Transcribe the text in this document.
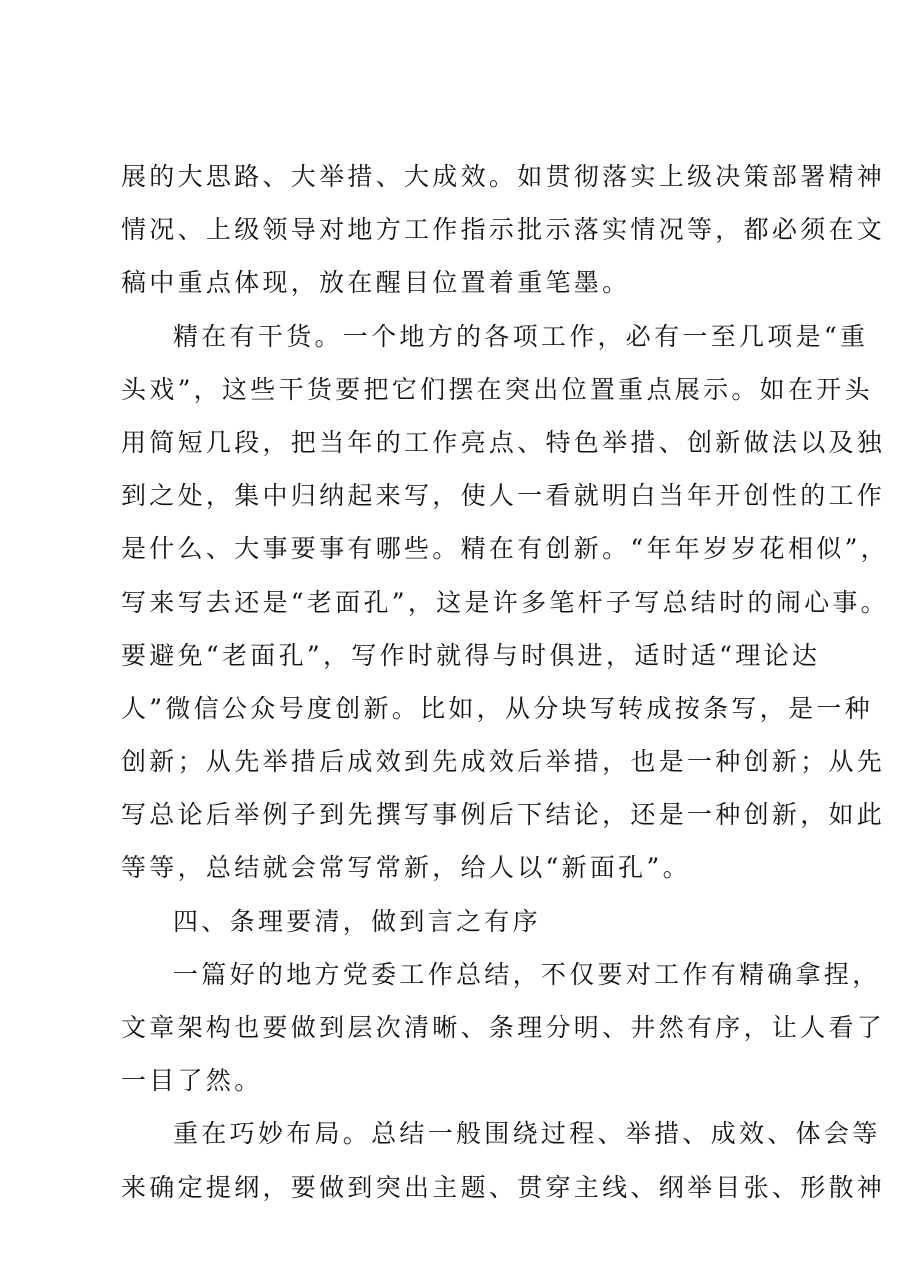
展的大思路、大举措、大成效。如贯彻落实上级决策部署精神
情况、上级领导对地方工作指示批示落实情况等，都必须在文
稿中重点体现，放在醒目位置着重笔墨。
精在有干货。一个地方的各项工作，必有一至几项是“重
头戏”，这些干货要把它们摆在突出位置重点展示。如在开头
用简短几段，把当年的工作亮点、特色举措、创新做法以及独
到之处，集中归纳起来写，使人一看就明白当年开创性的工作
是什么、大事要事有哪些。精在有创新。“年年岁岁花相似”，
写来写去还是“老面孔”，这是许多笔杆子写总结时的闹心事。
要避免“老面孔”，写作时就得与时俱进，适时适“理论达
人”微信公众号度创新。比如，从分块写转成按条写，是一种
创新；从先举措后成效到先成效后举措，也是一种创新；从先
写总论后举例子到先撰写事例后下结论，还是一种创新，如此
等等，总结就会常写常新，给人以“新面孔”。
四、条理要清，做到言之有序
一篇好的地方党委工作总结，不仅要对工作有精确拿捏，
文章架构也要做到层次清晰、条理分明、井然有序，让人看了
一目了然。
重在巧妙布局。总结一般围绕过程、举措、成效、体会等
来确定提纲，要做到突出主题、贯穿主线、纲举目张、形散神
